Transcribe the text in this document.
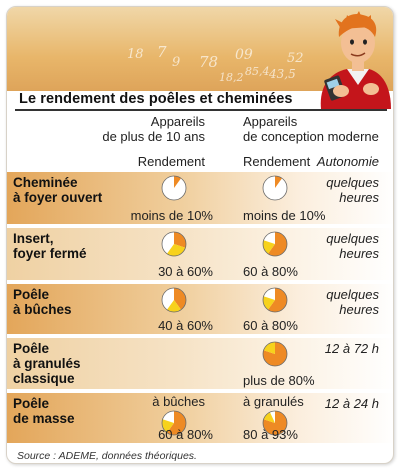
7
9 78
18	09
43,5
52
18,2 85,4
Le rendement des poêles et cheminées
Appareils
de plus de 10 ans
Appareils
de conception moderne
Rendement	Rendement Autonomie
Cheminée
à foyer ouvert
quelques
heures
moins de 10% moins de 10%
Insert,
foyer fermé
quelques
heures
30 à 60% 60 à 80%
Poêle
à bûches
quelques
heures
40 à 60% 60 à 80%
Poêle
à granulés
classique
12 à 72 h
plus de 80%
Poêle
de masse
12 à 24 h
à bûches
60 à 80%
à granulés
80 à 93%
Source : ADEME, données théoriques.
